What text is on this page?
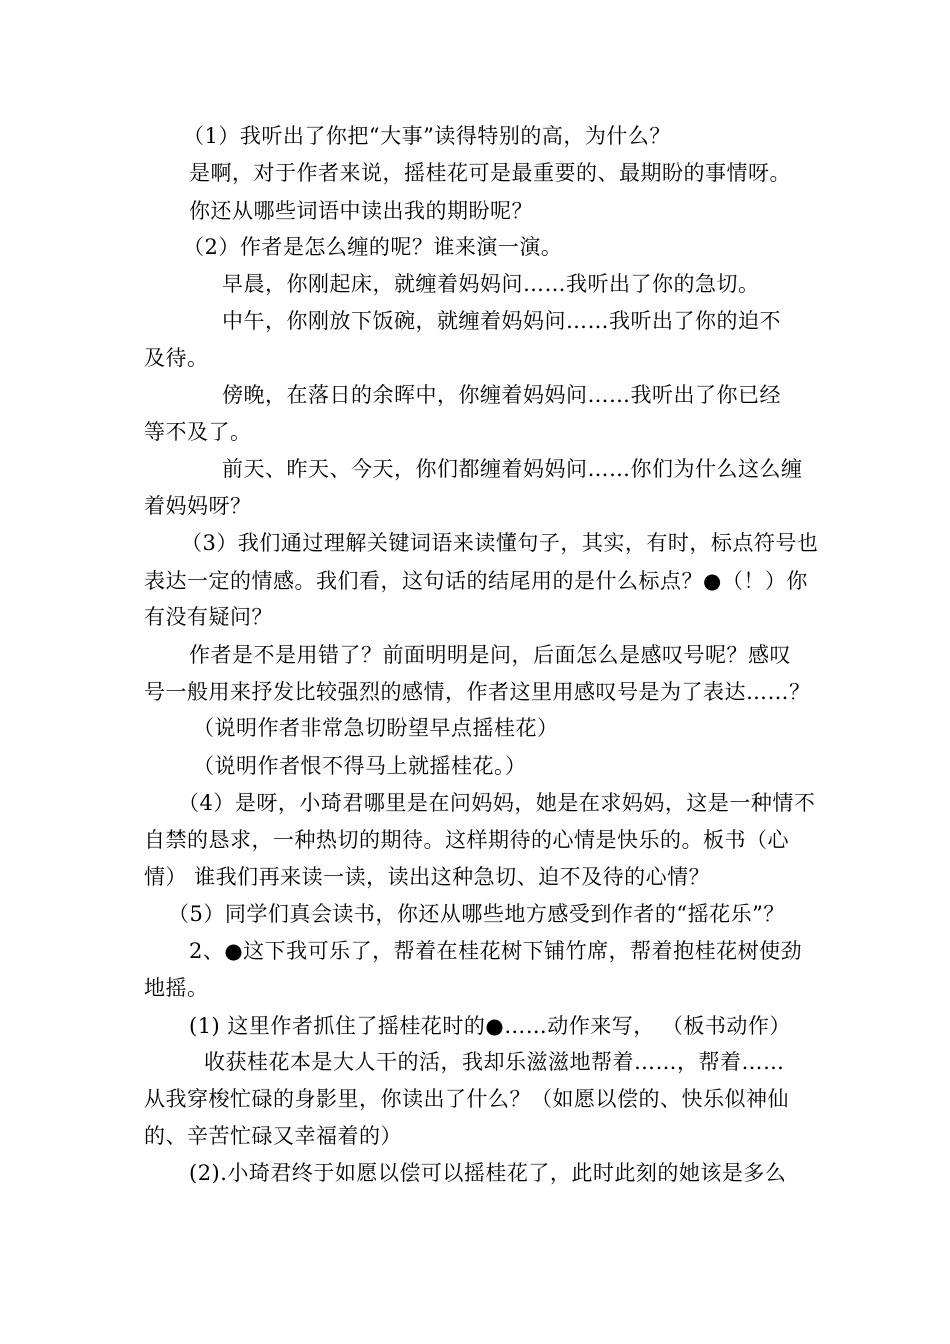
（1）我听出了你把“大事”读得特别的高，为什么？
是啊，对于作者来说，摇桂花可是最重要的、最期盼的事情呀。
你还从哪些词语中读出我的期盼呢？
（2）作者是怎么缠的呢？谁来演一演。
早晨，你刚起床，就缠着妈妈问……我听出了你的急切。
中午，你刚放下饭碗，就缠着妈妈问……我听出了你的迫不
及待。
傍晚，在落日的余晖中，你缠着妈妈问……我听出了你已经
等不及了。
前天、昨天、今天，你们都缠着妈妈问……你们为什么这么缠
着妈妈呀？
（3）我们通过理解关键词语来读懂句子，其实，有时，标点符号也
表达一定的情感。我们看，这句话的结尾用的是什么标点？●（！）你
有没有疑问？
作者是不是用错了？前面明明是问，后面怎么是感叹号呢？感叹
号一般用来抒发比较强烈的感情，作者这里用感叹号是为了表达……？
（说明作者非常急切盼望早点摇桂花）
（说明作者恨不得马上就摇桂花。）
（4）是呀，小琦君哪里是在问妈妈，她是在求妈妈，这是一种情不
自禁的恳求，一种热切的期待。这样期待的心情是快乐的。板书（心
情） 谁我们再来读一读，读出这种急切、迫不及待的心情？
（5）同学们真会读书，你还从哪些地方感受到作者的“摇花乐”？
2、●这下我可乐了，帮着在桂花树下铺竹席，帮着抱桂花树使劲
地摇。
(1) 这里作者抓住了摇桂花时的●……动作来写， （板书动作）
收获桂花本是大人干的活，我却乐滋滋地帮着……，帮着……
从我穿梭忙碌的身影里，你读出了什么？（如愿以偿的、快乐似神仙
的、辛苦忙碌又幸福着的）
(2).小琦君终于如愿以偿可以摇桂花了，此时此刻的她该是多么
